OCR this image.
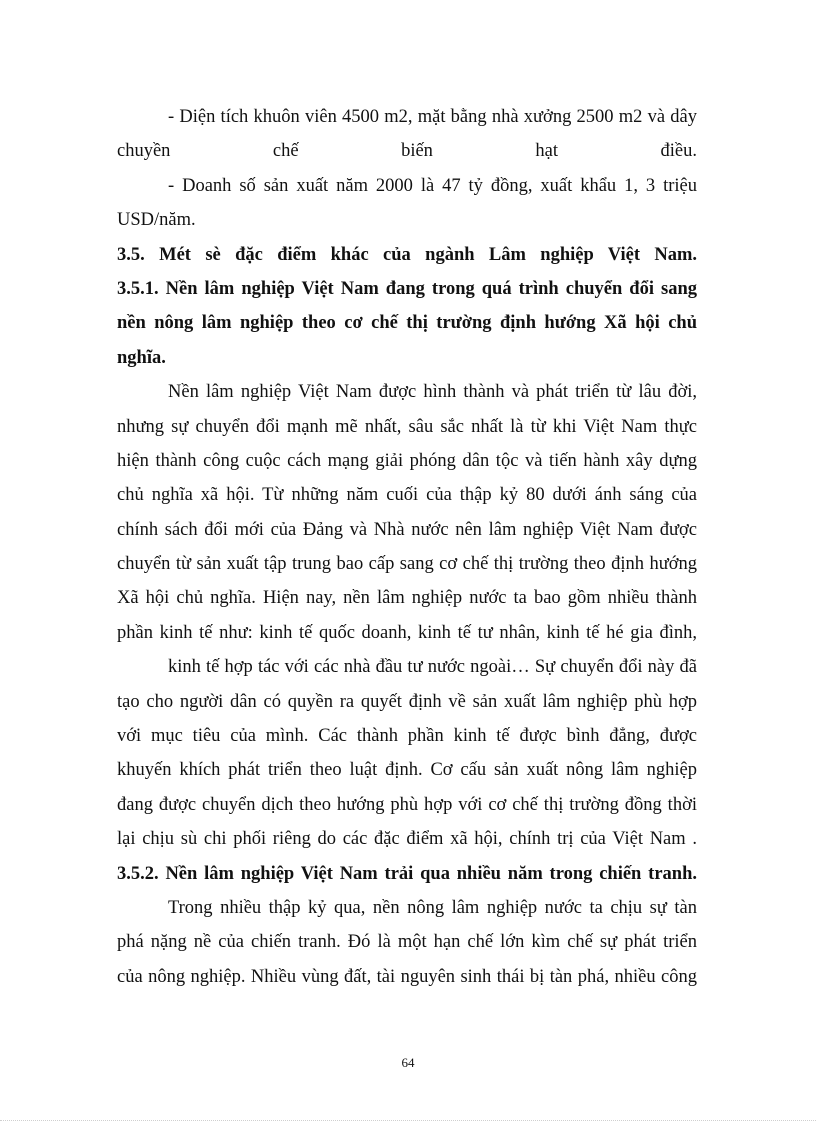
- Diện tích khuôn viên 4500 m2, mặt bằng nhà xưởng 2500 m2 và dây
chuyền	chế	biến	hạt	điều.
- Doanh số sản xuất năm 2000 là 47 tỷ đồng, xuất khẩu 1, 3 triệu
USD/năm.
3.5. Mét sè đặc điểm khác của ngành Lâm nghiệp Việt Nam.
3.5.1. Nền lâm nghiệp Việt Nam đang trong quá trình chuyển đổi sang
nền nông lâm nghiệp theo cơ chế thị trường định hướng Xã hội chủ
nghĩa.
Nền lâm nghiệp Việt Nam được hình thành và phát triển từ lâu đời,
nhưng sự chuyển đổi mạnh mẽ nhất, sâu sắc nhất là từ khi Việt Nam thực
hiện thành công cuộc cách mạng giải phóng dân tộc và tiến hành xây dựng
chủ nghĩa xã hội. Từ những năm cuối của thập kỷ 80 dưới ánh sáng của
chính sách đổi mới của Đảng và Nhà nước nên lâm nghiệp Việt Nam được
chuyển từ sản xuất tập trung bao cấp sang cơ chế thị trường theo định hướng
Xã hội chủ nghĩa. Hiện nay, nền lâm nghiệp nước ta bao gồm nhiều thành
phần kinh tế như: kinh tế quốc doanh, kinh tế tư nhân, kinh tế hé gia đình,
kinh tế hợp tác với các nhà đầu tư nước ngoài… Sự chuyển đổi này đã
tạo cho người dân có quyền ra quyết định về sản xuất lâm nghiệp phù hợp
với mục tiêu của mình. Các thành phần kinh tế được bình đẳng, được
khuyến khích phát triển theo luật định. Cơ cấu sản xuất nông lâm nghiệp
đang được chuyển dịch theo hướng phù hợp với cơ chế thị trường đồng thời
lại chịu sù chi phối riêng do các đặc điểm xã hội, chính trị của Việt Nam .
3.5.2. Nền lâm nghiệp Việt Nam trải qua nhiều năm trong chiến tranh.
Trong nhiều thập kỷ qua, nền nông lâm nghiệp nước ta chịu sự tàn
phá nặng nề của chiến tranh. Đó là một hạn chế lớn kìm chế sự phát triển
của nông nghiệp. Nhiều vùng đất, tài nguyên sinh thái bị tàn phá, nhiều công
64
